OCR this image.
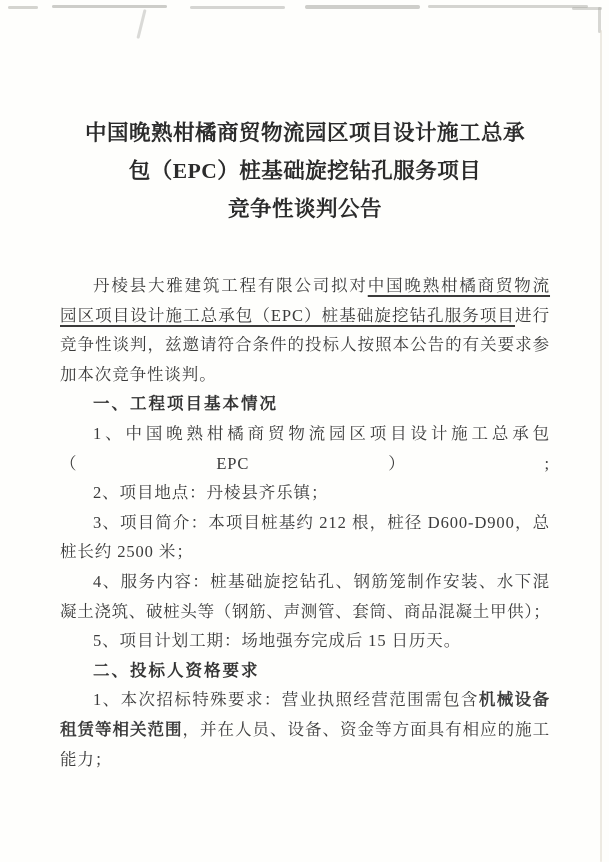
中国晚熟柑橘商贸物流园区项目设计施工总承
包（EPC）桩基础旋挖钻孔服务项目
竞争性谈判公告
丹棱县大雅建筑工程有限公司拟对中国晚熟柑橘商贸物流
园区项目设计施工总承包（EPC）桩基础旋挖钻孔服务项目进行
竞争性谈判，兹邀请符合条件的投标人按照本公告的有关要求参
加本次竞争性谈判。
一、工程项目基本情况
1、中国晚熟柑橘商贸物流园区项目设计施工总承包（EPC）;
2、项目地点：丹棱县齐乐镇；
3、项目简介：本项目桩基约 212 根，桩径 D600-D900，总
桩长约 2500 米；
4、服务内容：桩基础旋挖钻孔、钢筋笼制作安装、水下混
凝土浇筑、破桩头等（钢筋、声测管、套筒、商品混凝土甲供）；
5、项目计划工期：场地强夯完成后 15 日历天。
二、投标人资格要求
1、本次招标特殊要求：营业执照经营范围需包含机械设备
租赁等相关范围，并在人员、设备、资金等方面具有相应的施工
能力；
